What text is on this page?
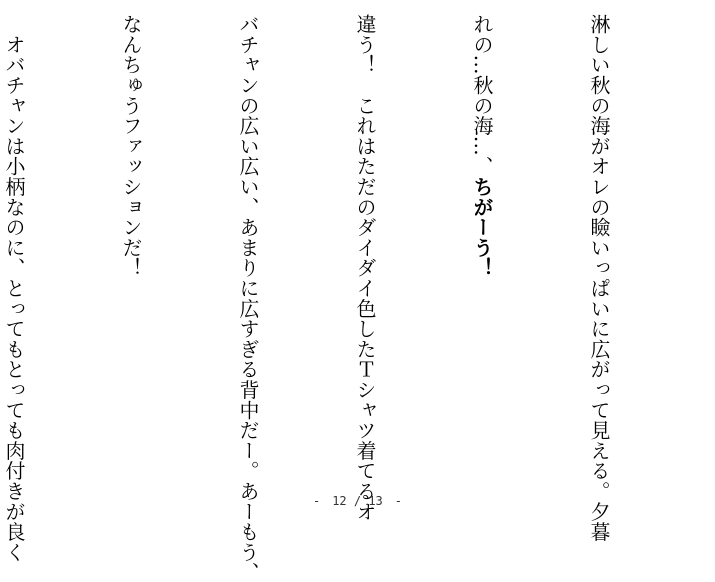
淋しい秋の海がオレの瞼いっぱいに広がって見える。夕暮

れの…秋の海…、ちがーう！

違う！　これはただのダイダイ色したＴシャツ着てるオ

バチャンの広い広い、あまりに広すぎる背中だー。あーもう、

なんちゅうファッションだ！

　オバチャンは小柄なのに、とってもとっても肉付きが良く

	-　12 / 13　-
